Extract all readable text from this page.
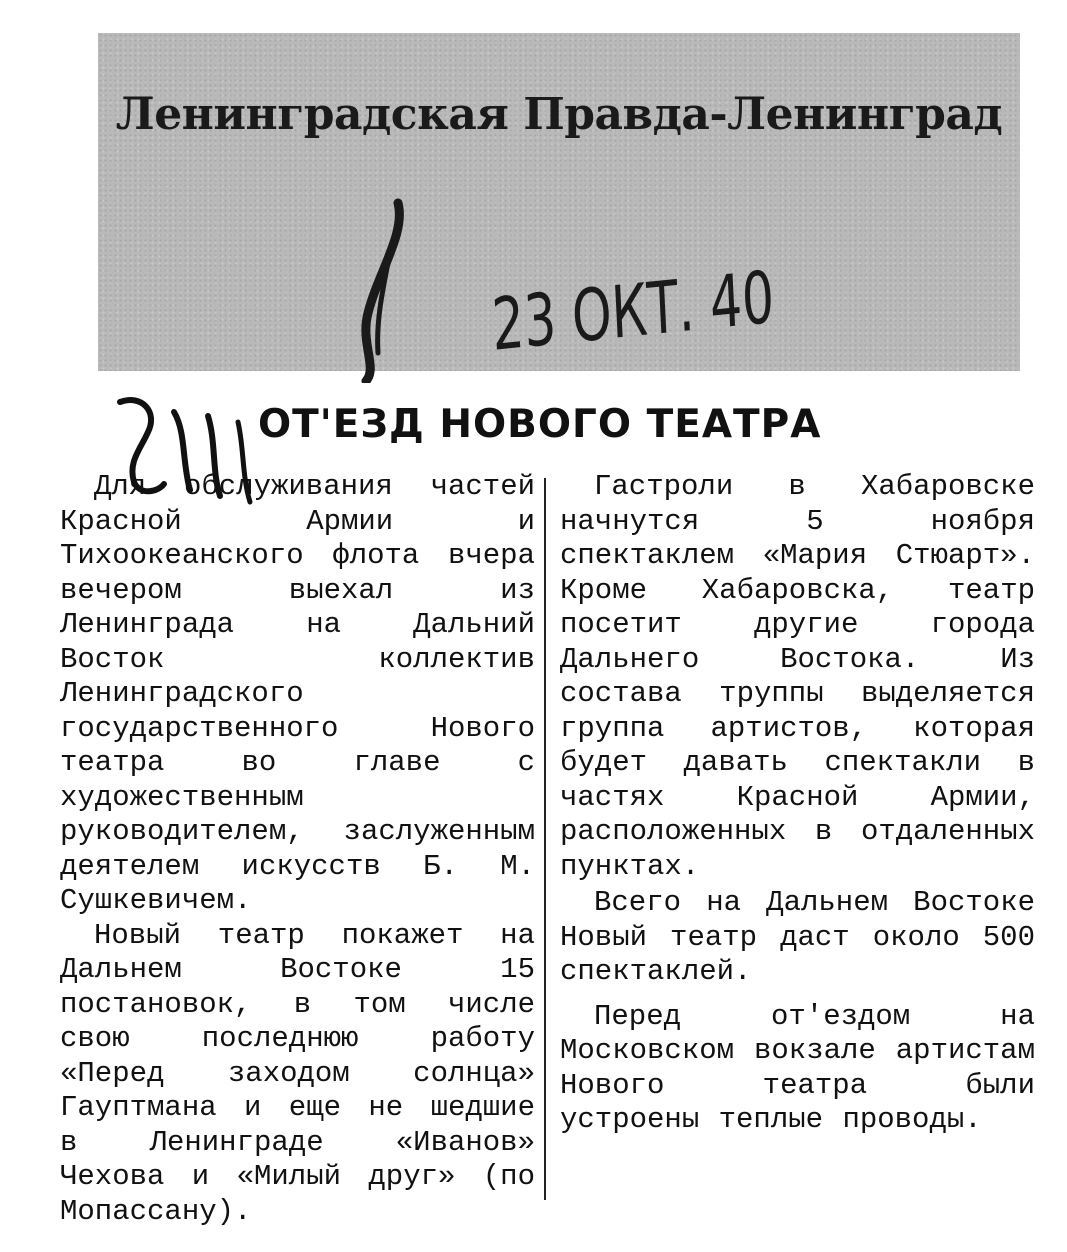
Ленинградская Правда-Ленинград
23 ОКТ. 40
ОТ'ЕЗД НОВОГО ТЕАТРА

Для обслуживания частей Красной Армии и Тихоокеанского флота вчера вечером выехал из Ленинграда на Дальний Восток коллектив Ленинградского государственного Нового театра во главе с художественным руководителем, заслуженным деятелем искусств Б. М. Сушкевичем.

Новый театр покажет на Дальнем Востоке 15 постановок, в том числе свою последнюю работу «Перед заходом солнца» Гауптмана и еще не шедшие в Ленинграде «Иванов» Чехова и «Милый друг» (по Мопассану).

Гастроли в Хабаровске начнутся 5 ноября спектаклем «Мария Стюарт». Кроме Хабаровска, театр посетит другие города Дальнего Востока. Из состава труппы выделяется группа артистов, которая будет давать спектакли в частях Красной Армии, расположенных в отдаленных пунктах.

Всего на Дальнем Востоке Новый театр даст около 500 спектаклей.

Перед от'ездом на Московском вокзале артистам Нового театра были устроены теплые проводы.
